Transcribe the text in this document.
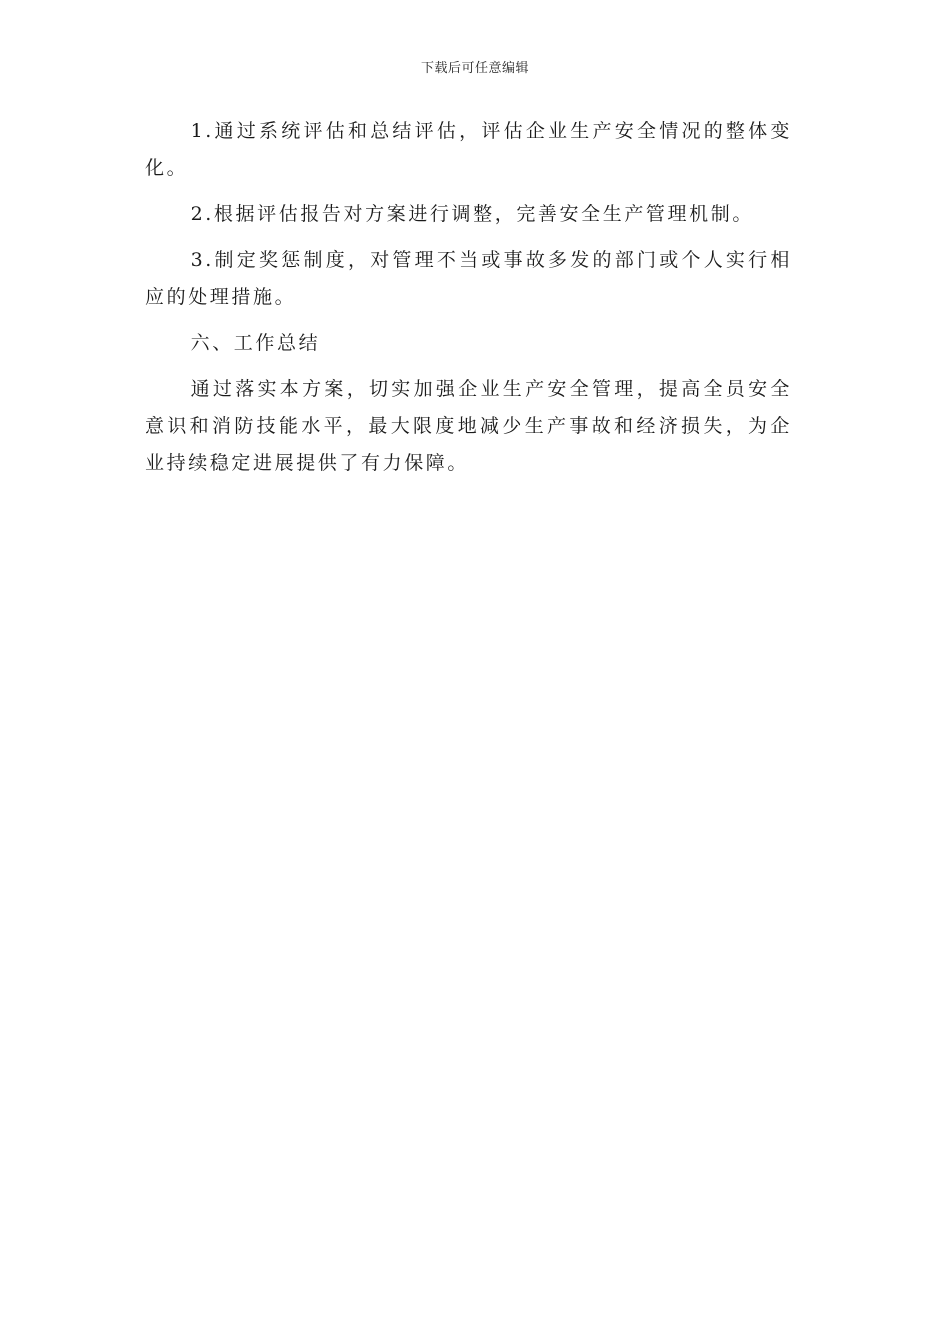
下载后可任意编辑

1.通过系统评估和总结评估，评估企业生产安全情况的整体变化。

2.根据评估报告对方案进行调整，完善安全生产管理机制。

3.制定奖惩制度，对管理不当或事故多发的部门或个人实行相应的处理措施。

六、工作总结

通过落实本方案，切实加强企业生产安全管理，提高全员安全意识和消防技能水平，最大限度地减少生产事故和经济损失，为企业持续稳定进展提供了有力保障。
